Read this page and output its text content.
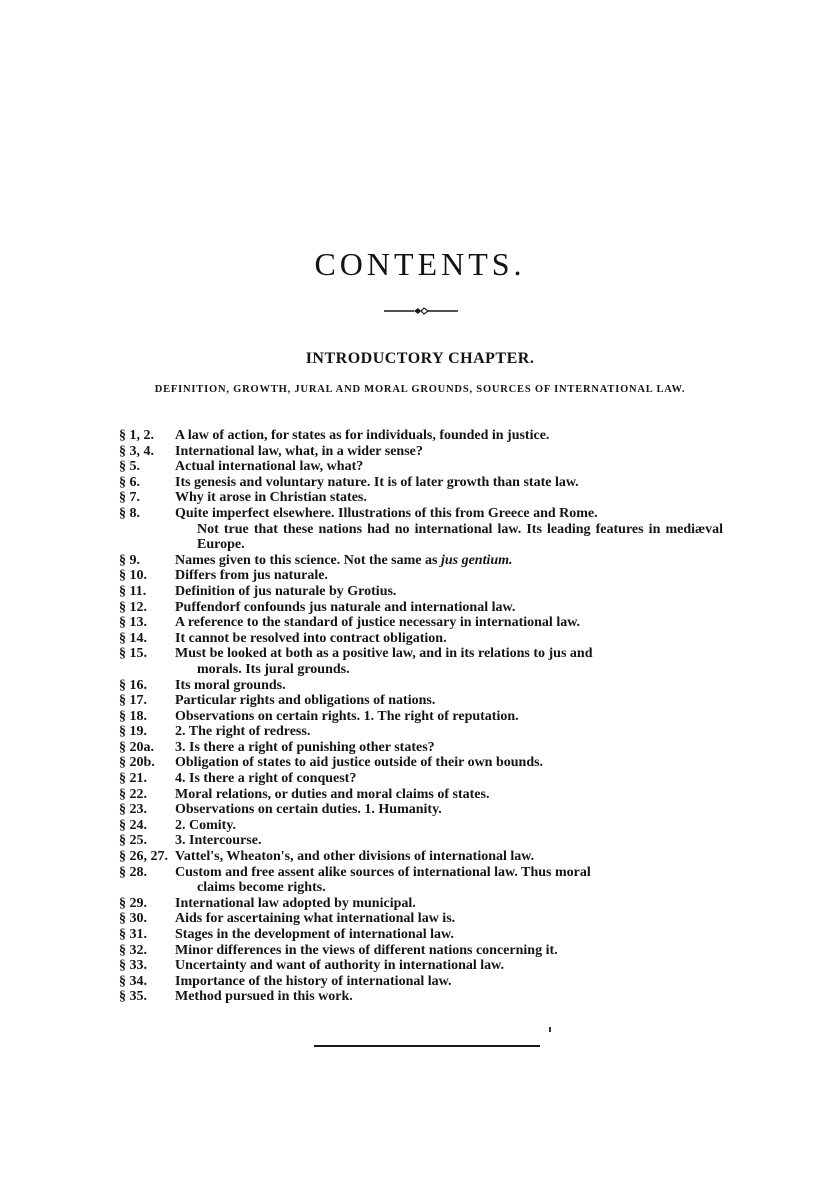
CONTENTS.
INTRODUCTORY CHAPTER.
DEFINITION, GROWTH, JURAL AND MORAL GROUNDS, SOURCES OF INTERNATIONAL LAW.
§ 1, 2. A law of action, for states as for individuals, founded in justice.
§ 3, 4. International law, what, in a wider sense?
§ 5.	Actual international law, what?
§ 6.	Its genesis and voluntary nature. It is of later growth than state law.
§ 7.	Why it arose in Christian states.
§ 8.	Quite imperfect elsewhere. Illustrations of this from Greece and Rome.
Not true that these nations had no international law. Its leading features in mediæval Europe.
§ 9.	Names given to this science. Not the same as jus gentium.
§ 10. Differs from jus naturale.
§ 11. Definition of jus naturale by Grotius.
§ 12. Puffendorf confounds jus naturale and international law.
§ 13. A reference to the standard of justice necessary in international law.
§ 14. It cannot be resolved into contract obligation.
§ 15. Must be looked at both as a positive law, and in its relations to jus and
morals. Its jural grounds.
§ 16. Its moral grounds.
§ 17. Particular rights and obligations of nations.
§ 18. Observations on certain rights. 1. The right of reputation.
§ 19. 2. The right of redress.
§ 20a. 3. Is there a right of punishing other states?
§ 20b. Obligation of states to aid justice outside of their own bounds.
§ 21. 4. Is there a right of conquest?
§ 22. Moral relations, or duties and moral claims of states.
§ 23. Observations on certain duties. 1. Humanity.
§ 24. 2. Comity.
§ 25. 3. Intercourse.
§ 26, 27. Vattel's, Wheaton's, and other divisions of international law.
§ 28. Custom and free assent alike sources of international law. Thus moral
claims become rights.
§ 29. International law adopted by municipal.
§ 30. Aids for ascertaining what international law is.
§ 31. Stages in the development of international law.
§ 32. Minor differences in the views of different nations concerning it.
§ 33. Uncertainty and want of authority in international law.
§ 34. Importance of the history of international law.
§ 35. Method pursued in this work.
